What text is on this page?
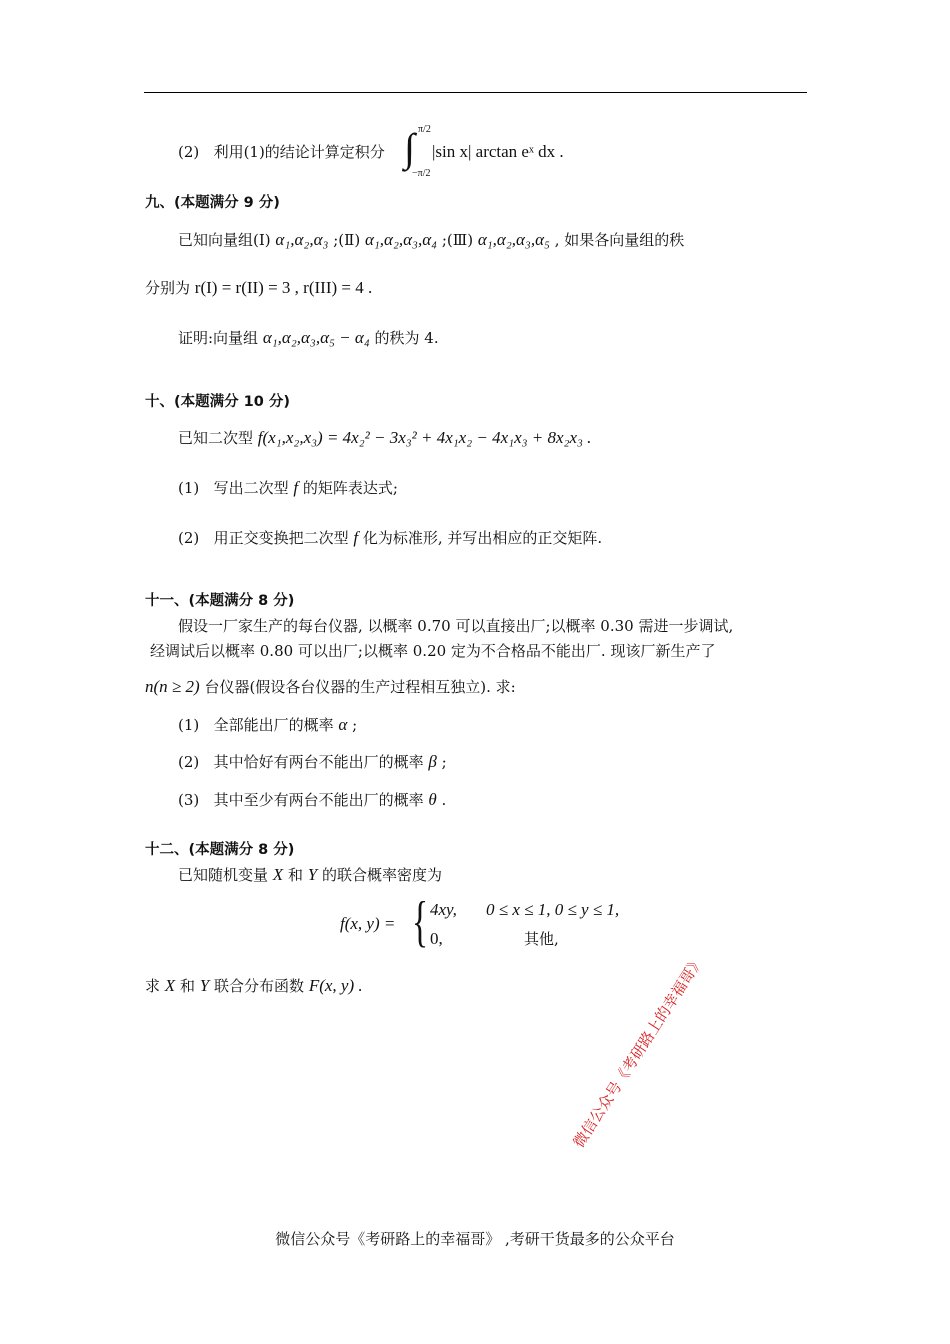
(2) 利用(1)的结论计算定积分 ∫ π/2
−π/2
|sin x| arctan eˣ dx .
九、(本题满分 9 分)
已知向量组(Ⅰ) α₁,α₂,α₃ ;(Ⅱ) α₁,α₂,α₃,α₄ ;(Ⅲ) α₁,α₂,α₃,α₅ , 如果各向量组的秩
分别为 r(I) = r(II) = 3 , r(III) = 4 .
证明:向量组 α₁,α₂,α₃,α₅ − α₄ 的秩为 4.
十、(本题满分 10 分)
已知二次型 f(x₁,x₂,x₃) = 4x₂² − 3x₃² + 4x₁x₂ − 4x₁x₃ + 8x₂x₃ .
(1) 写出二次型 f 的矩阵表达式;
(2) 用正交变换把二次型 f 化为标准形, 并写出相应的正交矩阵.
十一、(本题满分 8 分)
假设一厂家生产的每台仪器, 以概率 0.70 可以直接出厂;以概率 0.30 需进一步调试,
经调试后以概率 0.80 可以出厂;以概率 0.20 定为不合格品不能出厂. 现该厂新生产了
n(n ≥ 2) 台仪器(假设各台仪器的生产过程相互独立). 求:
(1) 全部能出厂的概率 α ;
(2) 其中恰好有两台不能出厂的概率 β ;
(3) 其中至少有两台不能出厂的概率 θ .
十二、(本题满分 8 分)
已知随机变量 X 和 Y 的联合概率密度为
f(x, y) = { 4xy, 0 ≤ x ≤ 1, 0 ≤ y ≤ 1,
0,	其他,
求 X 和 Y 联合分布函数 F(x, y) .	微信公众号《考研路上的幸福哥》
微信公众号《考研路上的幸福哥》 ,考研干货最多的公众平台
